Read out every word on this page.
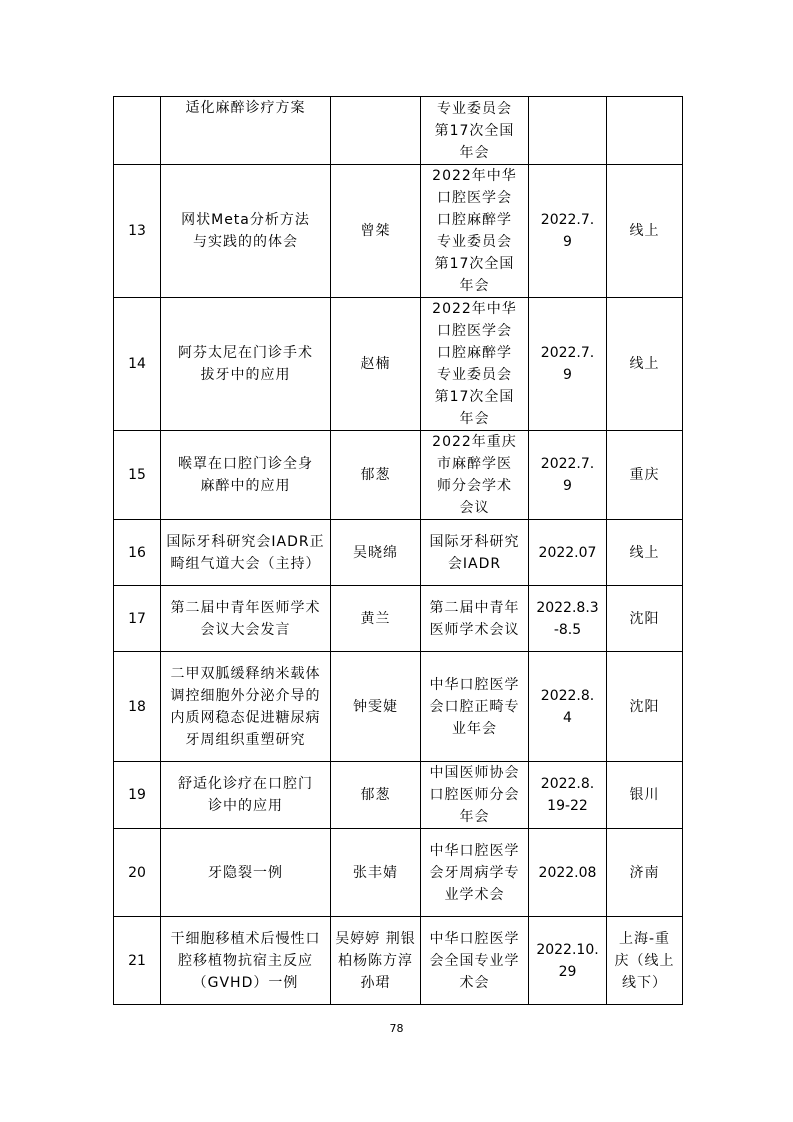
	适化麻醉诊疗方案		专业委员会第17次全国年会		
13	网状Meta分析方法与实践的的体会	曾桀	2022年中华口腔医学会口腔麻醉学专业委员会第17次全国年会	2022.7.9	线上
14	阿芬太尼在门诊手术拔牙中的应用	赵楠	2022年中华口腔医学会口腔麻醉学专业委员会第17次全国年会	2022.7.9	线上
15	喉罩在口腔门诊全身麻醉中的应用	郁葱	2022年重庆市麻醉学医师分会学术会议	2022.7.9	重庆
16	国际牙科研究会IADR正畸组气道大会（主持）	吴晓绵	国际牙科研究会IADR	2022.07	线上
17	第二届中青年医师学术会议大会发言	黄兰	第二届中青年医师学术会议	2022.8.3-8.5	沈阳
18	二甲双胍缓释纳米载体调控细胞外分泌介导的内质网稳态促进糖尿病牙周组织重塑研究	钟雯婕	中华口腔医学会口腔正畸专业年会	2022.8.4	沈阳
19	舒适化诊疗在口腔门诊中的应用	郁葱	中国医师协会口腔医师分会年会	2022.8.19-22	银川
20	牙隐裂一例	张丰婧	中华口腔医学会牙周病学专业学术会	2022.08	济南
21	干细胞移植术后慢性口腔移植物抗宿主反应（GVHD）一例	吴婷婷 荆银 柏杨陈方淳 孙珺	中华口腔医学会全国专业学术会	2022.10.29	上海-重庆（线上线下）
78
